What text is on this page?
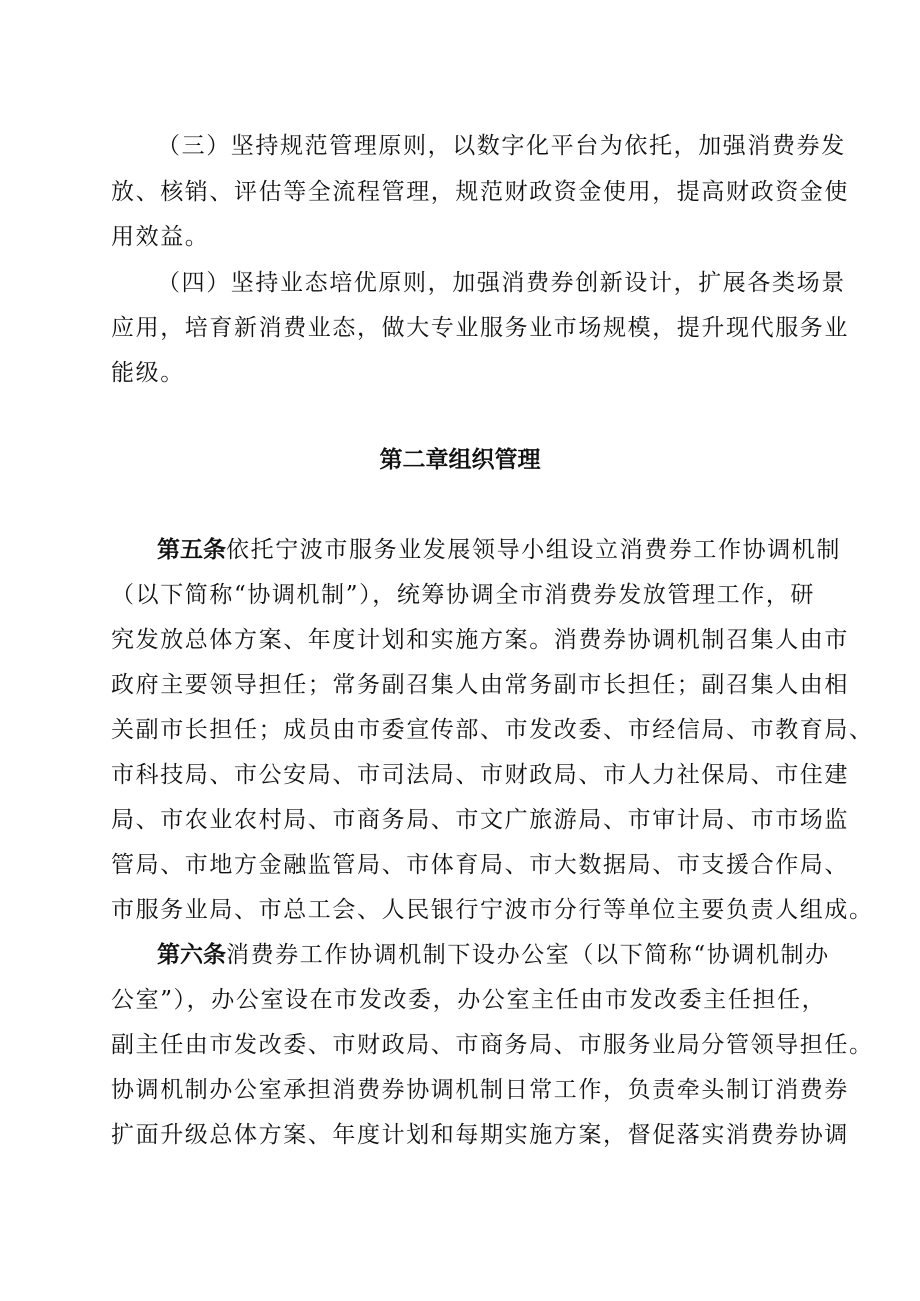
（三）坚持规范管理原则，以数字化平台为依托，加强消费券发
放、核销、评估等全流程管理，规范财政资金使用，提高财政资金使
用效益。
（四）坚持业态培优原则，加强消费券创新设计，扩展各类场景
应用，培育新消费业态，做大专业服务业市场规模，提升现代服务业
能级。
第二章组织管理
第五条依托宁波市服务业发展领导小组设立消费券工作协调机制
（以下简称“协调机制”），统筹协调全市消费券发放管理工作，研
究发放总体方案、年度计划和实施方案。消费券协调机制召集人由市
政府主要领导担任；常务副召集人由常务副市长担任；副召集人由相
关副市长担任；成员由市委宣传部、市发改委、市经信局、市教育局、
市科技局、市公安局、市司法局、市财政局、市人力社保局、市住建
局、市农业农村局、市商务局、市文广旅游局、市审计局、市市场监
管局、市地方金融监管局、市体育局、市大数据局、市支援合作局、
市服务业局、市总工会、人民银行宁波市分行等单位主要负责人组成。
第六条消费券工作协调机制下设办公室（以下简称“协调机制办
公室”），办公室设在市发改委，办公室主任由市发改委主任担任，
副主任由市发改委、市财政局、市商务局、市服务业局分管领导担任。
协调机制办公室承担消费券协调机制日常工作，负责牵头制订消费券
扩面升级总体方案、年度计划和每期实施方案，督促落实消费券协调
